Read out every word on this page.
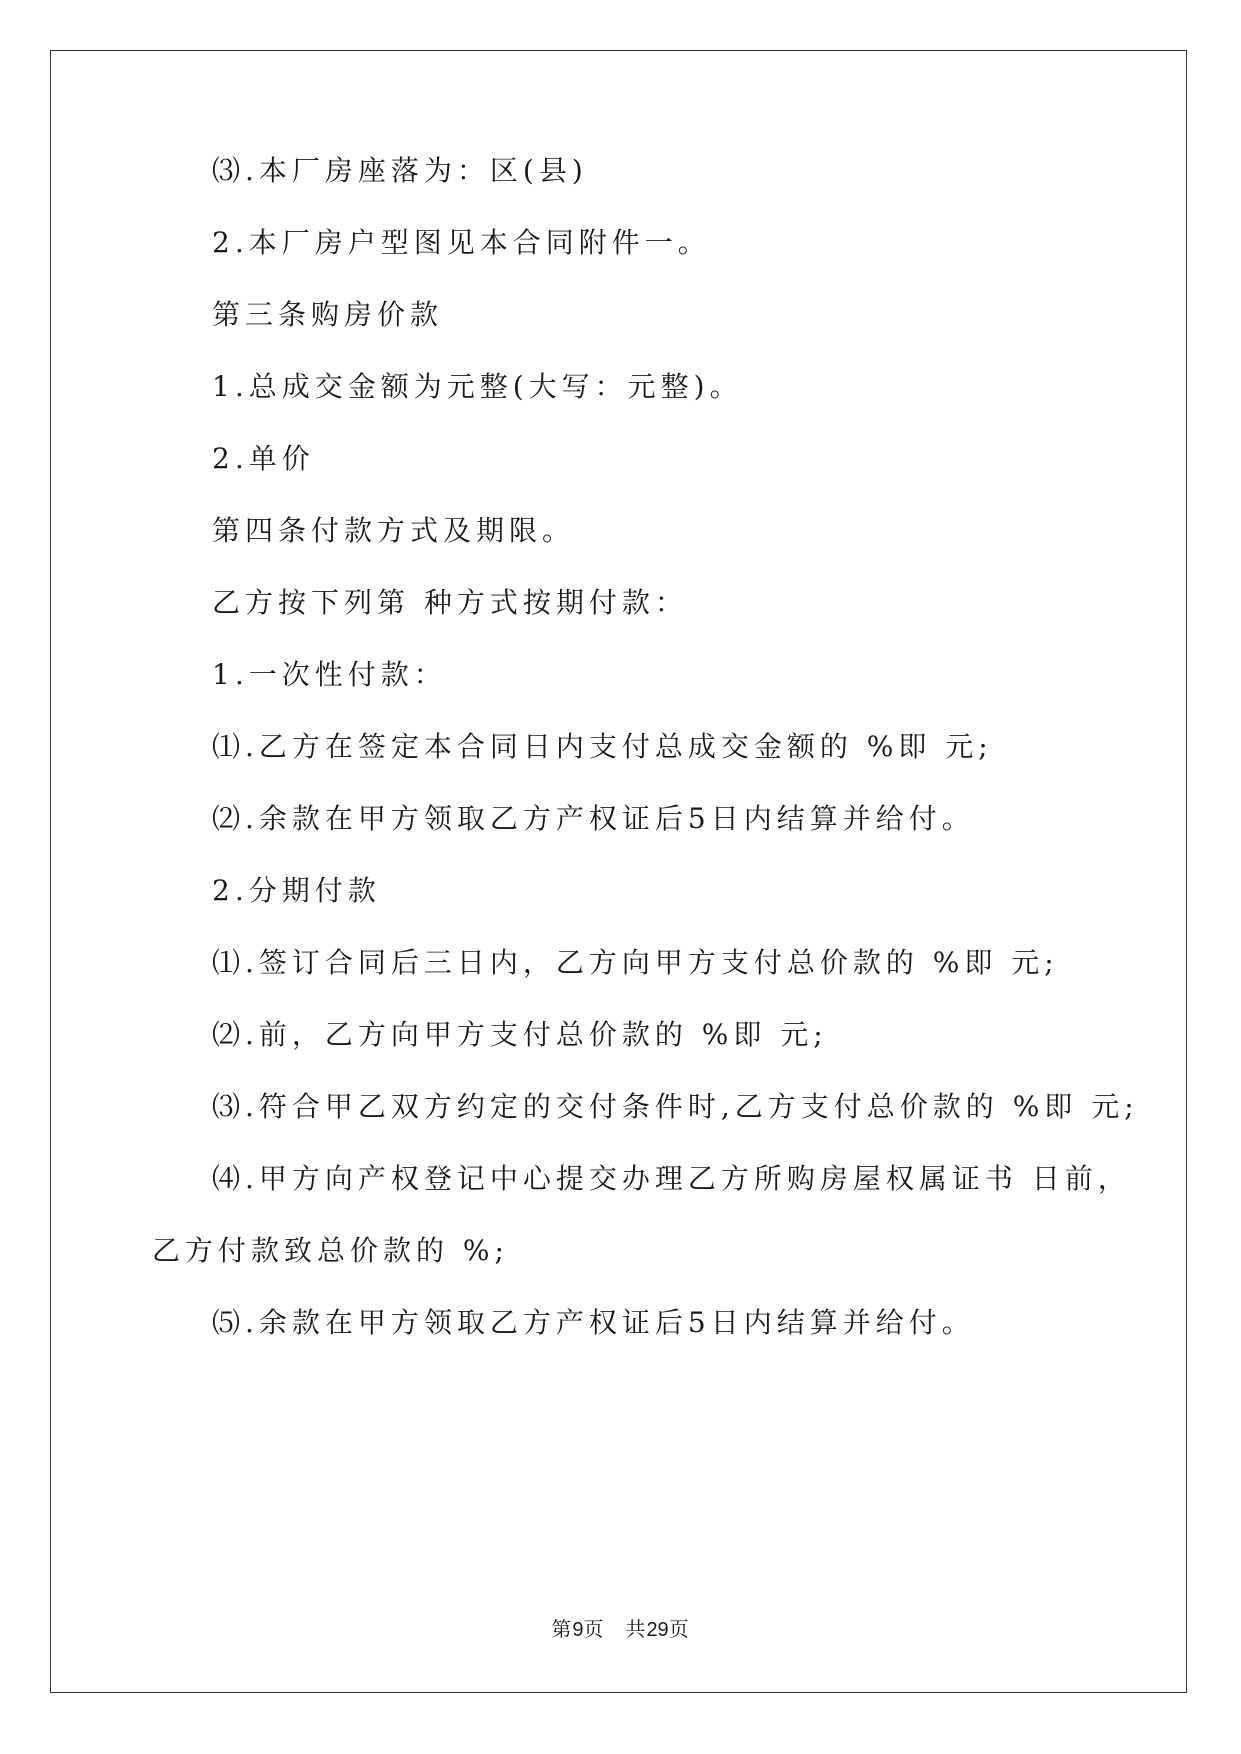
⑶.本厂房座落为：区(县)

2.本厂房户型图见本合同附件一。

第三条购房价款

1.总成交金额为元整(大写：元整)。

2.单价

第四条付款方式及期限。

乙方按下列第 种方式按期付款：

1.一次性付款：

⑴.乙方在签定本合同日内支付总成交金额的 %即 元;

⑵.余款在甲方领取乙方产权证后5日内结算并给付。

2.分期付款

⑴.签订合同后三日内，乙方向甲方支付总价款的 %即 元;

⑵.前，乙方向甲方支付总价款的 %即 元;

⑶.符合甲乙双方约定的交付条件时,乙方支付总价款的 %即 元;

⑷.甲方向产权登记中心提交办理乙方所购房屋权属证书 日前，

乙方付款致总价款的 %;

⑸.余款在甲方领取乙方产权证后5日内结算并给付。

第9页　共29页
